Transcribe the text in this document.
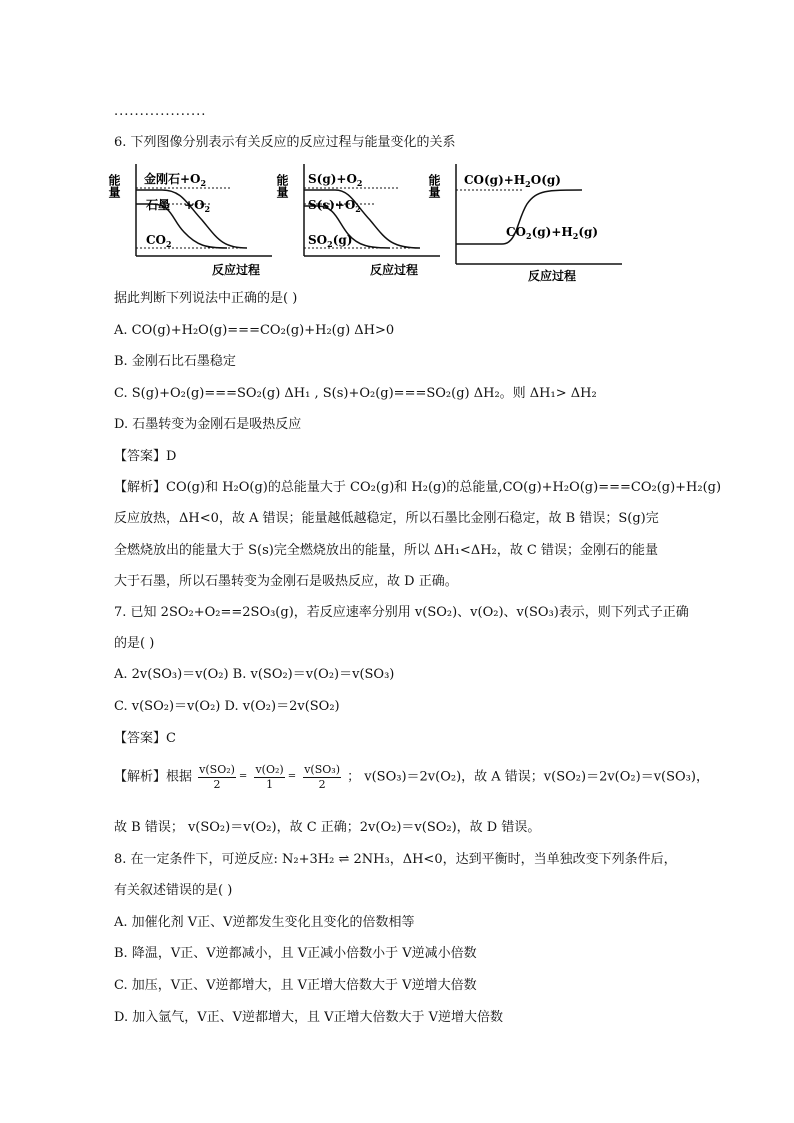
..................
6. 下列图像分别表示有关反应的反应过程与能量变化的关系
能量 金刚石$+O_2$
石墨 $+O_2$
$CO_2$
反应过程
能量 $S(g)+O_2$
$S(s)+O_2$
$SO_2(g)$
反应过程
能量 $CO(g)+H_2O(g)$
$CO_2(g)+H_2(g)$
反应过程
据此判断下列说法中正确的是( )
A. CO(g)+H₂O(g)===CO₂(g)+H₂(g) ΔH>0
B. 金刚石比石墨稳定
C. S(g)+O₂(g)===SO₂(g) ΔH₁ , S(s)+O₂(g)===SO₂(g) ΔH₂。则 ΔH₁> ΔH₂
D. 石墨转变为金刚石是吸热反应
【答案】D
【解析】CO(g)和 H₂O(g)的总能量大于 CO₂(g)和 H₂(g)的总能量,CO(g)+H₂O(g)===CO₂(g)+H₂(g)
反应放热，ΔH<0，故 A 错误；能量越低越稳定，所以石墨比金刚石稳定，故 B 错误；S(g)完
全燃烧放出的能量大于 S(s)完全燃烧放出的能量，所以 ΔH₁<ΔH₂，故 C 错误；金刚石的能量
大于石墨，所以石墨转变为金刚石是吸热反应，故 D 正确。
7. 已知 2SO₂+O₂==2SO₃(g)，若反应速率分别用 v(SO₂)、v(O₂)、v(SO₃)表示，则下列式子正确
的是( )
A. 2v(SO₃)＝v(O₂) B. v(SO₂)＝v(O₂)＝v(SO₃)
C. v(SO₂)＝v(O₂) D. v(O₂)＝2v(SO₂)
【答案】C
【解析】根据 $\frac{\text{v(SO₂)}}{2} = \frac{\text{v(O₂)}}{1} = \frac{\text{v(SO₃)}}{2}$ ； v(SO₃)＝2v(O₂)，故 A 错误；v(SO₂)＝2v(O₂)＝v(SO₃)，
故 B 错误； v(SO₂)＝v(O₂)，故 C 正确；2v(O₂)＝v(SO₂)，故 D 错误。
8. 在一定条件下，可逆反应: N₂+3H₂ ⇌ 2NH₃，ΔH<0，达到平衡时，当单独改变下列条件后，
有关叙述错误的是( )
A. 加催化剂 V正、V逆都发生变化且变化的倍数相等
B. 降温，V正、V逆都减小，且 V正减小倍数小于 V逆减小倍数
C. 加压，V正、V逆都增大，且 V正增大倍数大于 V逆增大倍数
D. 加入氩气，V正、V逆都增大，且 V正增大倍数大于 V逆增大倍数
